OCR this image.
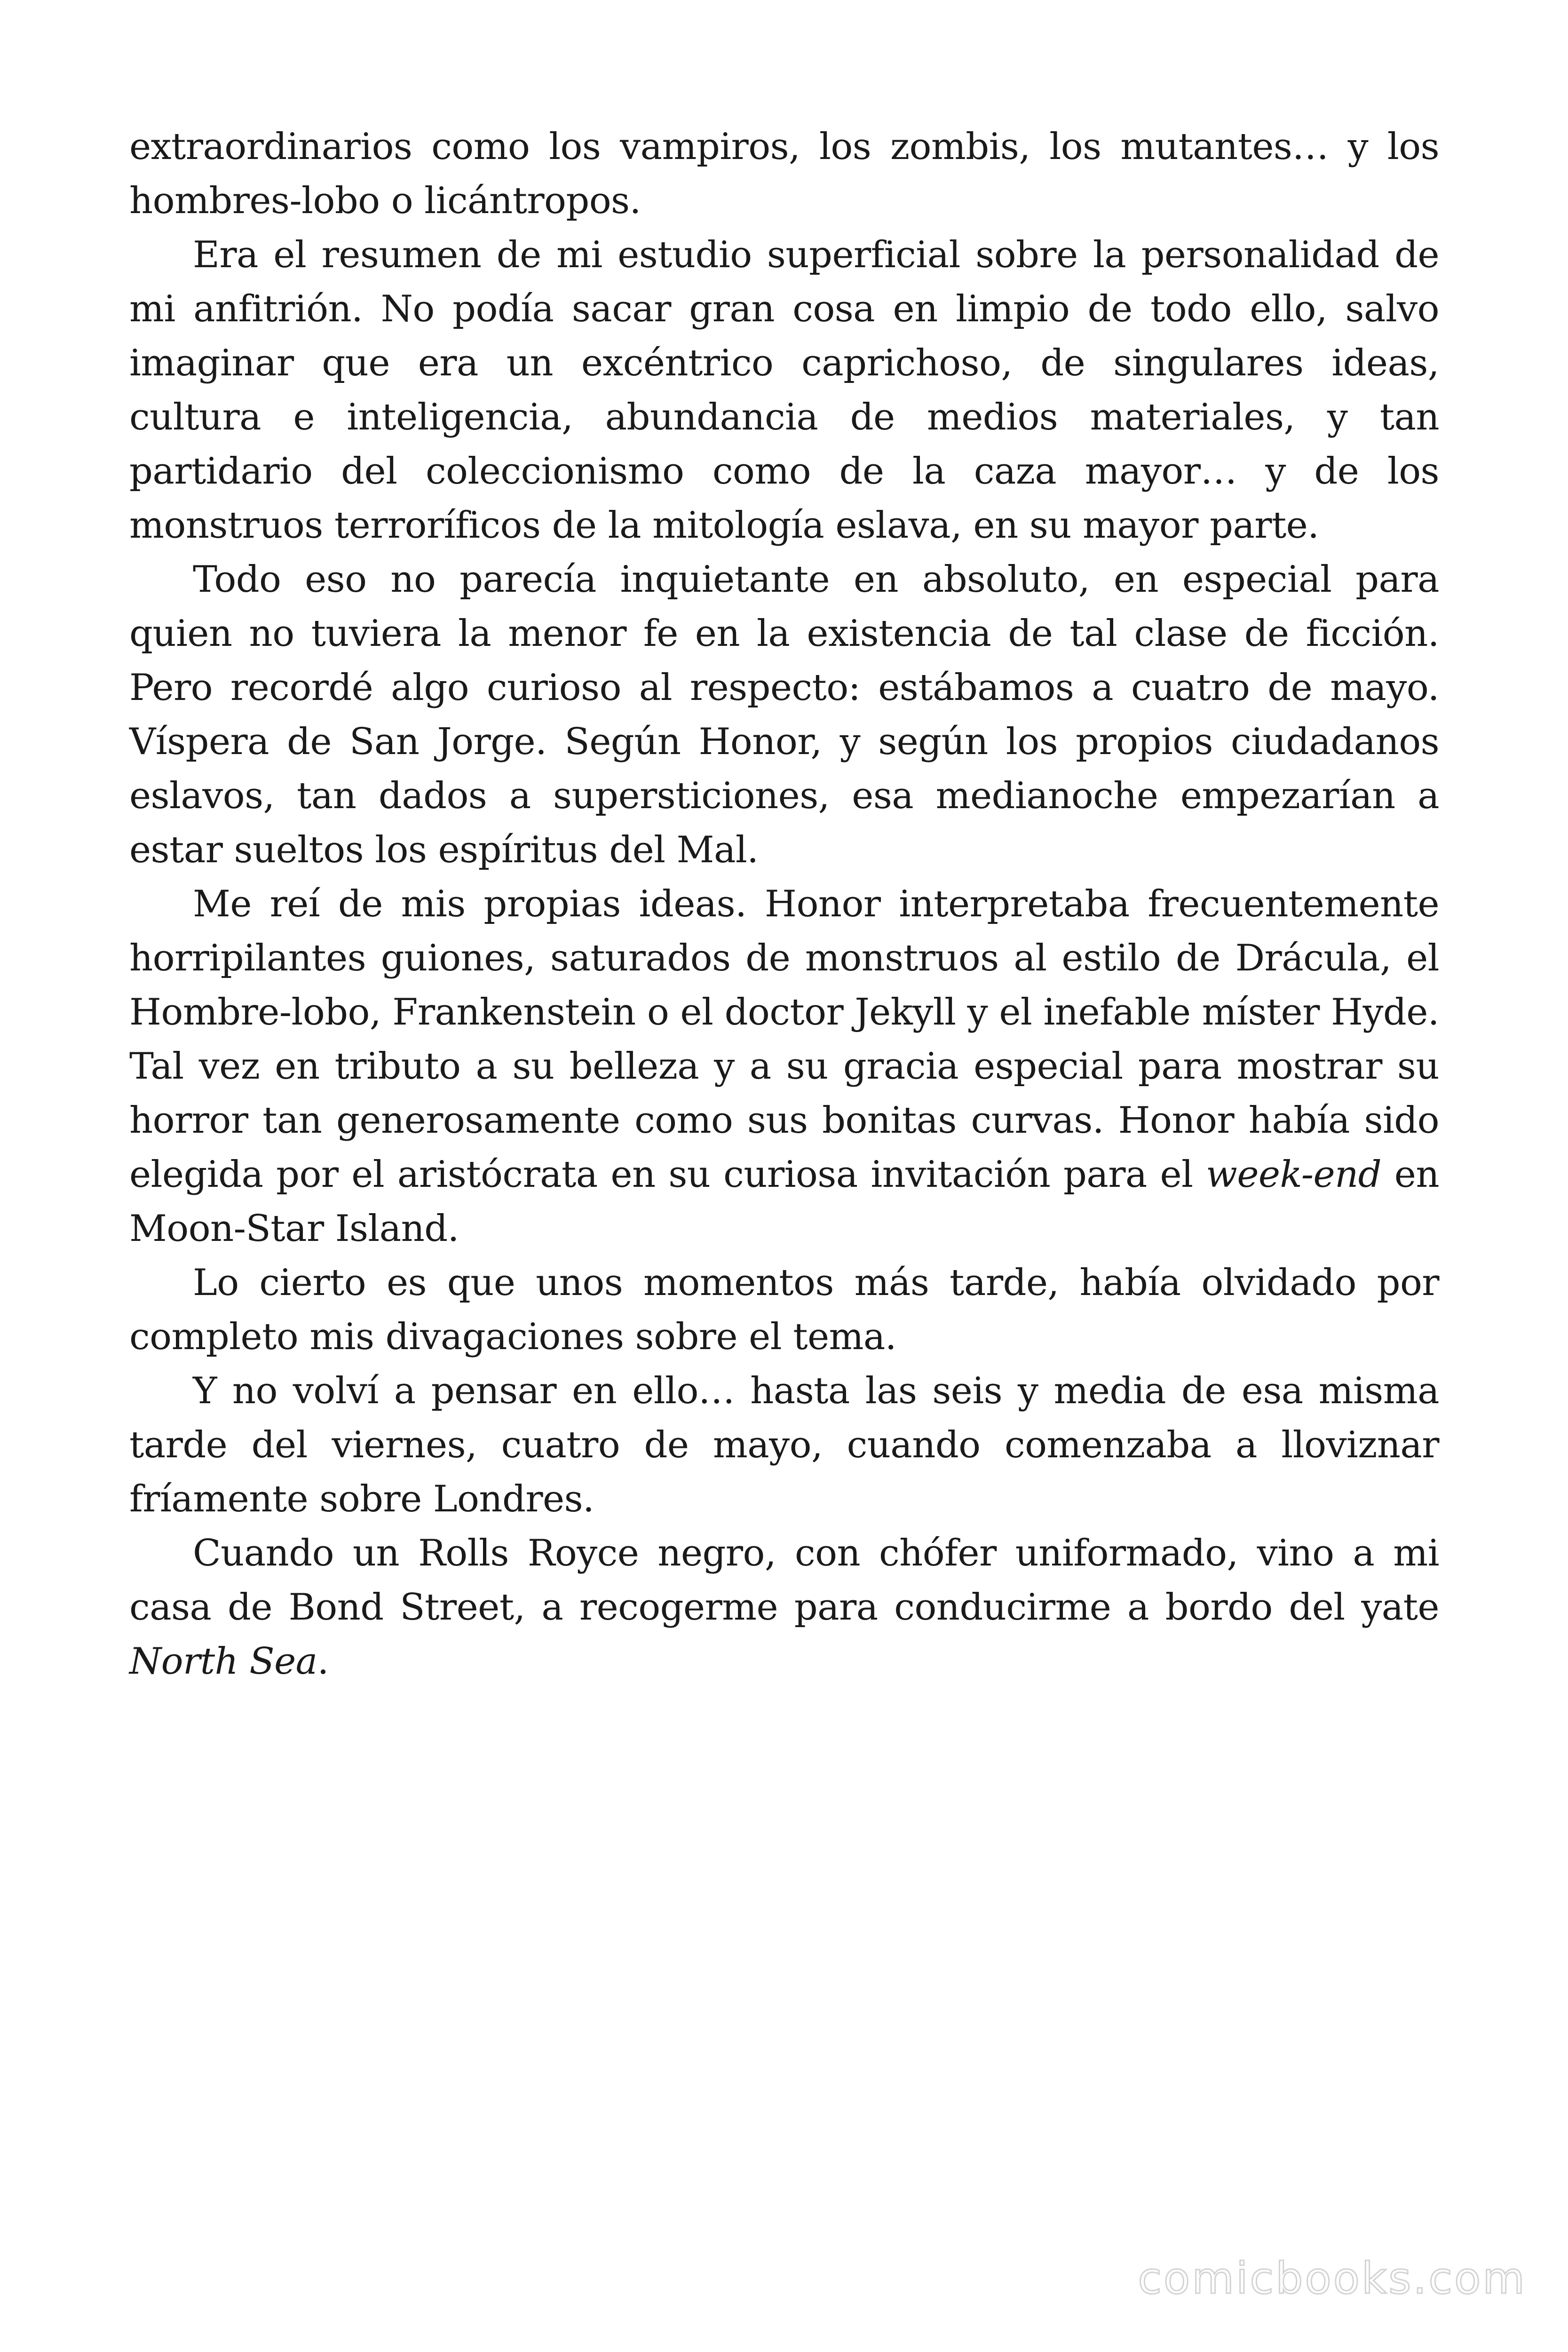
extraordinarios como los vampiros, los zombis, los mutantes… y los hombres-lobo o licántropos.

Era el resumen de mi estudio superficial sobre la personalidad de mi anfitrión. No podía sacar gran cosa en limpio de todo ello, salvo imaginar que era un excéntrico caprichoso, de singulares ideas, cultura e inteligencia, abundancia de medios materiales, y tan partidario del coleccionismo como de la caza mayor… y de los monstruos terroríficos de la mitología eslava, en su mayor parte.

Todo eso no parecía inquietante en absoluto, en especial para quien no tuviera la menor fe en la existencia de tal clase de ficción. Pero recordé algo curioso al respecto: estábamos a cuatro de mayo. Víspera de San Jorge. Según Honor, y según los propios ciudadanos eslavos, tan dados a supersticiones, esa medianoche empezarían a estar sueltos los espíritus del Mal.

Me reí de mis propias ideas. Honor interpretaba frecuentemente horripilantes guiones, saturados de monstruos al estilo de Drácula, el Hombre-lobo, Frankenstein o el doctor Jekyll y el inefable míster Hyde. Tal vez en tributo a su belleza y a su gracia especial para mostrar su horror tan generosamente como sus bonitas curvas. Honor había sido elegida por el aristócrata en su curiosa invitación para el week-end en Moon-Star Island.

Lo cierto es que unos momentos más tarde, había olvidado por completo mis divagaciones sobre el tema.

Y no volví a pensar en ello… hasta las seis y media de esa misma tarde del viernes, cuatro de mayo, cuando comenzaba a lloviznar fríamente sobre Londres.

Cuando un Rolls Royce negro, con chófer uniformado, vino a mi casa de Bond Street, a recogerme para conducirme a bordo del yate North Sea.

comicbooks.com
